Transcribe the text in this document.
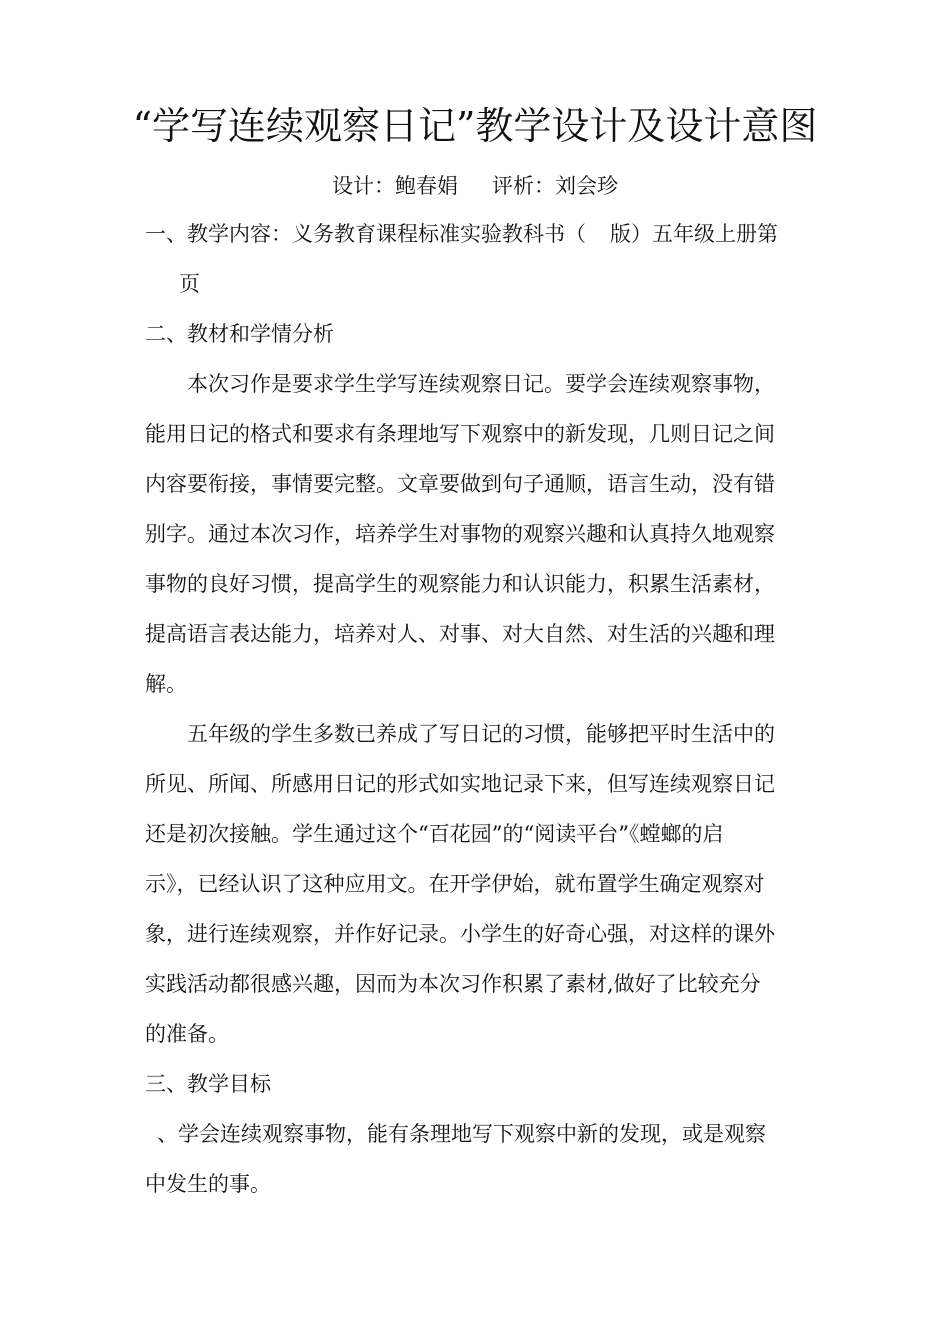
“学写连续观察日记”教学设计及设计意图
设计：鲍春娟 评析：刘会珍
一、教学内容：义务教育课程标准实验教科书（ 版）五年级上册第
页
二、教材和学情分析
本次习作是要求学生学写连续观察日记。要学会连续观察事物，
能用日记的格式和要求有条理地写下观察中的新发现，几则日记之间
内容要衔接，事情要完整。文章要做到句子通顺，语言生动，没有错
别字。通过本次习作，培养学生对事物的观察兴趣和认真持久地观察
事物的良好习惯，提高学生的观察能力和认识能力，积累生活素材，
提高语言表达能力，培养对人、对事、对大自然、对生活的兴趣和理
解。
五年级的学生多数已养成了写日记的习惯，能够把平时生活中的
所见、所闻、所感用日记的形式如实地记录下来，但写连续观察日记
还是初次接触。学生通过这个“百花园”的“阅读平台”《螳螂的启
示》，已经认识了这种应用文。在开学伊始，就布置学生确定观察对
象，进行连续观察，并作好记录。小学生的好奇心强，对这样的课外
实践活动都很感兴趣，因而为本次习作积累了素材,做好了比较充分
的准备。
三、教学目标
、学会连续观察事物，能有条理地写下观察中新的发现，或是观察
中发生的事。
